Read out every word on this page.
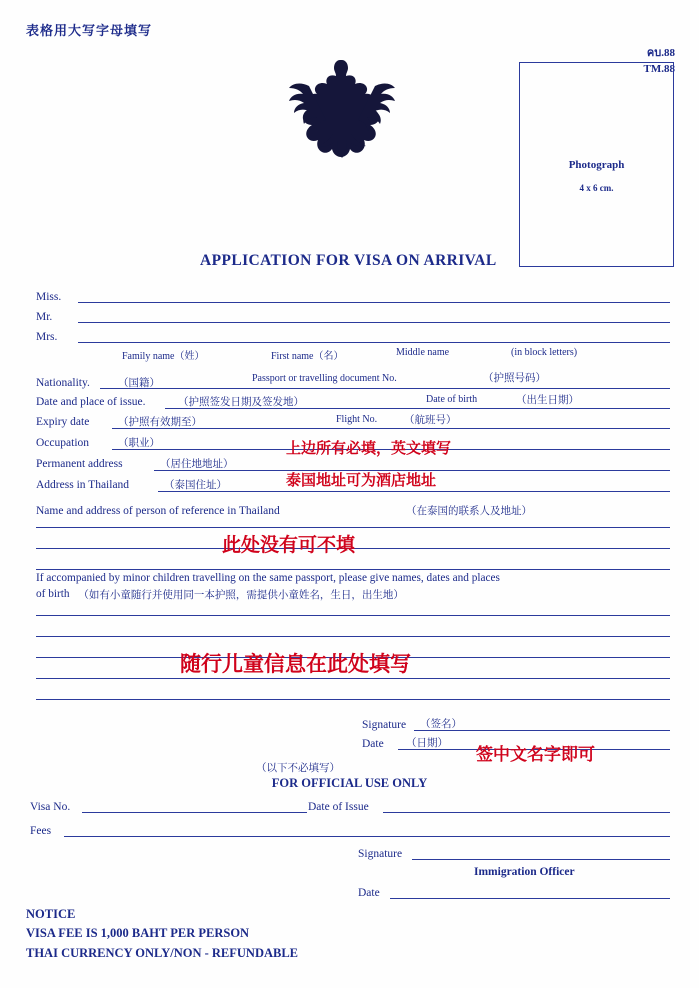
表格用大写字母填写
คบ.88
TM.88
Photograph
4 x 6 cm.
APPLICATION FOR VISA ON ARRIVAL
Miss.
Mr.
Mrs.
Family name（姓）	First name（名）	Middle name	(in block letters)
Nationality.	（国籍）	Passport or travelling document No.	（护照号码）
Date and place of issue.	（护照签发日期及签发地）	Date of birth	（出生日期）
Expiry date	（护照有效期至）	Flight No.	（航班号）
Occupation	（职业）
Permanent address	（居住地地址）
Address in Thailand	（泰国住址）
Name and address of person of reference in Thailand	（在泰国的联系人及地址）
If accompanied by minor children travelling on the same passport, please give names, dates and places
of birth （如有小童随行并使用同一本护照，需提供小童姓名，生日，出生地）
Signature （签名）
Date （日期）
（以下不必填写）
FOR OFFICIAL USE ONLY
Visa No.	Date of Issue
Fees
Signature
Immigration Officer
Date
NOTICE
VISA FEE IS 1,000 BAHT PER PERSON
THAI CURRENCY ONLY/NON - REFUNDABLE
上边所有必填，英文填写
泰国地址可为酒店地址
此处没有可不填
随行儿童信息在此处填写
签中文名字即可
